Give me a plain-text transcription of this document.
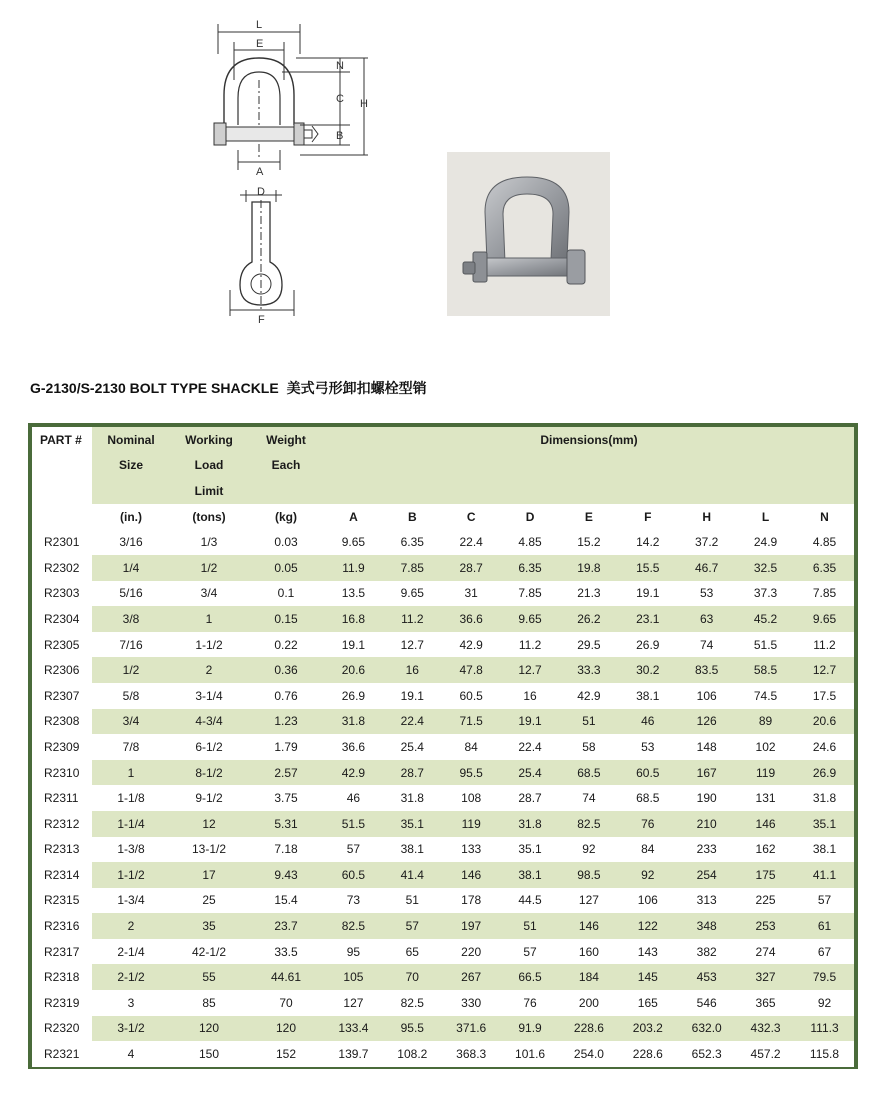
L
E
N
C H
B
A
D
F
G-2130/S-2130 BOLT TYPE SHACKLE 美式弓形卸扣螺栓型销
PART #	Nominal	Working	Weight	Dimensions(mm)								
	Size	Load	Each									
		Limit										
	(in.)	(tons)	(kg)	A	B	C	D	E	F	H	L	N
R2301	3/16	1/3	0.03	9.65	6.35	22.4	4.85	15.2	14.2	37.2	24.9	4.85
R2302	1/4	1/2	0.05	11.9	7.85	28.7	6.35	19.8	15.5	46.7	32.5	6.35
R2303	5/16	3/4	0.1	13.5	9.65	31	7.85	21.3	19.1	53	37.3	7.85
R2304	3/8	1	0.15	16.8	11.2	36.6	9.65	26.2	23.1	63	45.2	9.65
R2305	7/16	1-1/2	0.22	19.1	12.7	42.9	11.2	29.5	26.9	74	51.5	11.2
R2306	1/2	2	0.36	20.6	16	47.8	12.7	33.3	30.2	83.5	58.5	12.7
R2307	5/8	3-1/4	0.76	26.9	19.1	60.5	16	42.9	38.1	106	74.5	17.5
R2308	3/4	4-3/4	1.23	31.8	22.4	71.5	19.1	51	46	126	89	20.6
R2309	7/8	6-1/2	1.79	36.6	25.4	84	22.4	58	53	148	102	24.6
R2310	1	8-1/2	2.57	42.9	28.7	95.5	25.4	68.5	60.5	167	119	26.9
R2311	1-1/8	9-1/2	3.75	46	31.8	108	28.7	74	68.5	190	131	31.8
R2312	1-1/4	12	5.31	51.5	35.1	119	31.8	82.5	76	210	146	35.1
R2313	1-3/8	13-1/2	7.18	57	38.1	133	35.1	92	84	233	162	38.1
R2314	1-1/2	17	9.43	60.5	41.4	146	38.1	98.5	92	254	175	41.1
R2315	1-3/4	25	15.4	73	51	178	44.5	127	106	313	225	57
R2316	2	35	23.7	82.5	57	197	51	146	122	348	253	61
R2317	2-1/4	42-1/2	33.5	95	65	220	57	160	143	382	274	67
R2318	2-1/2	55	44.61	105	70	267	66.5	184	145	453	327	79.5
R2319	3	85	70	127	82.5	330	76	200	165	546	365	92
R2320	3-1/2	120	120	133.4	95.5	371.6	91.9	228.6	203.2	632.0	432.3	111.3
R2321	4	150	152	139.7	108.2	368.3	101.6	254.0	228.6	652.3	457.2	115.8
